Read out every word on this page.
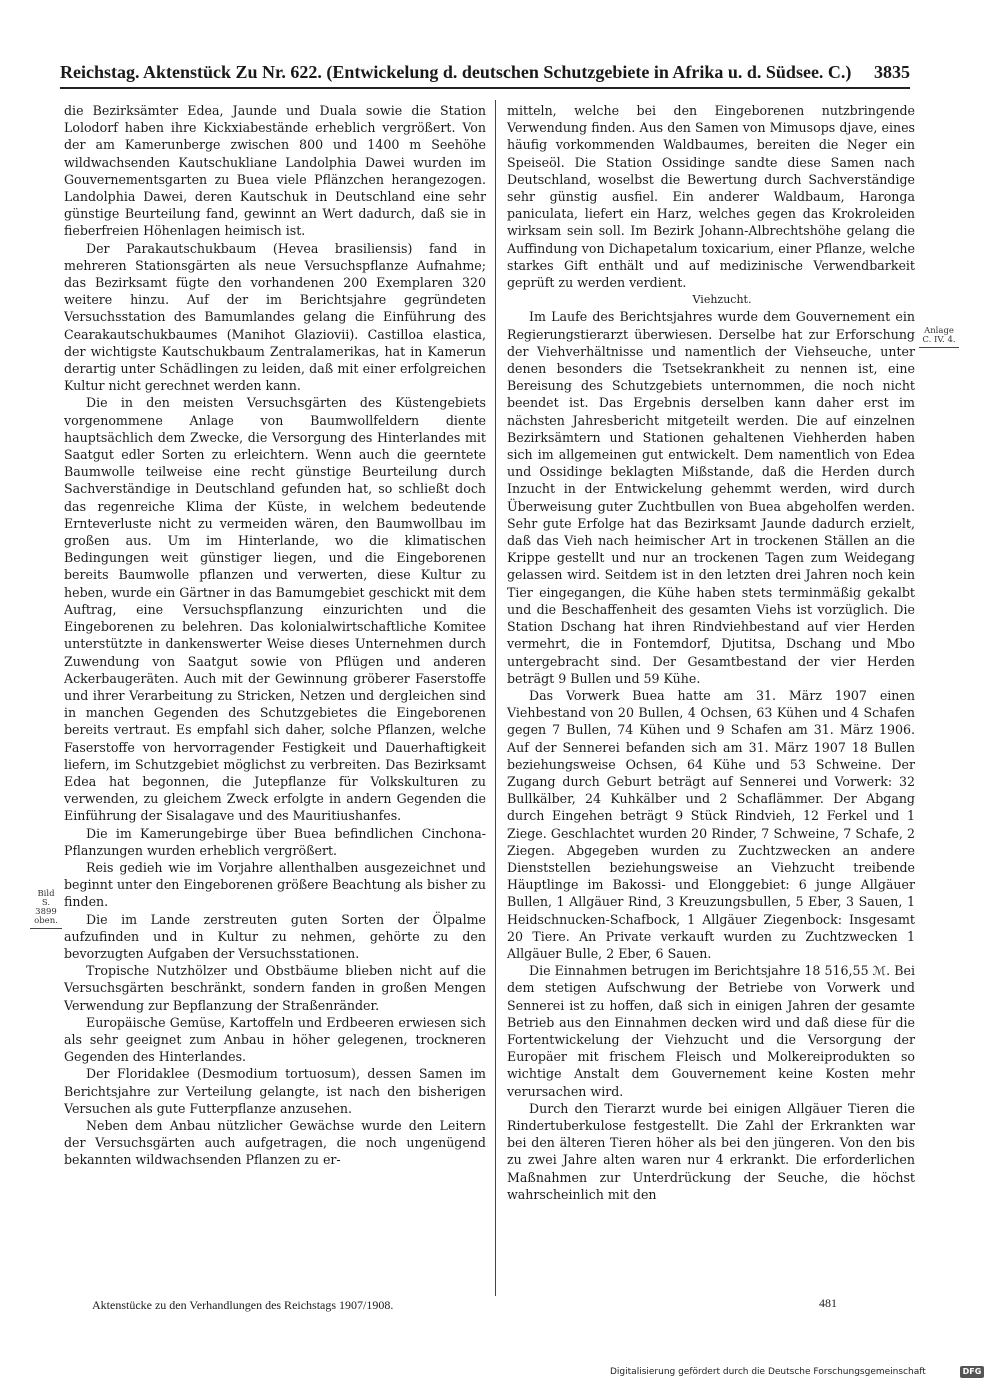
Reichstag. Aktenstück Zu Nr. 622. (Entwickelung d. deutschen Schutzgebiete in Afrika u. d. Südsee. C.) 3835

die Bezirksämter Edea, Jaunde und Duala sowie die Station Lolodorf haben ihre Kickxiabestände erheblich vergrößert. Von der am Kamerunberge zwischen 800 und 1400 m Seehöhe wildwachsenden Kautschukliane Landolphia Dawei wurden im Gouvernementsgarten zu Buea viele Pflänzchen herangezogen. Landolphia Dawei, deren Kautschuk in Deutschland eine sehr günstige Beurteilung fand, gewinnt an Wert dadurch, daß sie in fieberfreien Höhenlagen heimisch ist.

Der Parakautschukbaum (Hevea brasiliensis) fand in mehreren Stationsgärten als neue Versuchspflanze Aufnahme; das Bezirksamt fügte den vorhandenen 200 Exemplaren 320 weitere hinzu. Auf der im Berichtsjahre gegründeten Versuchsstation des Bamumlandes gelang die Einführung des Cearakautschukbaumes (Manihot Glaziovii). Castilloa elastica, der wichtigste Kautschukbaum Zentralamerikas, hat in Kamerun derartig unter Schädlingen zu leiden, daß mit einer erfolgreichen Kultur nicht gerechnet werden kann.

Die in den meisten Versuchsgärten des Küstengebiets vorgenommene Anlage von Baumwollfeldern diente hauptsächlich dem Zwecke, die Versorgung des Hinterlandes mit Saatgut edler Sorten zu erleichtern. Wenn auch die geerntete Baumwolle teilweise eine recht günstige Beurteilung durch Sachverständige in Deutschland gefunden hat, so schließt doch das regenreiche Klima der Küste, in welchem bedeutende Ernteverluste nicht zu vermeiden wären, den Baumwollbau im großen aus. Um im Hinterlande, wo die klimatischen Bedingungen weit günstiger liegen, und die Eingeborenen bereits Baumwolle pflanzen und verwerten, diese Kultur zu heben, wurde ein Gärtner in das Bamumgebiet geschickt mit dem Auftrag, eine Versuchspflanzung einzurichten und die Eingeborenen zu belehren. Das kolonialwirtschaftliche Komitee unterstützte in dankenswerter Weise dieses Unternehmen durch Zuwendung von Saatgut sowie von Pflügen und anderen Ackerbaugeräten. Auch mit der Gewinnung gröberer Faserstoffe und ihrer Verarbeitung zu Stricken, Netzen und dergleichen sind in manchen Gegenden des Schutzgebietes die Eingeborenen bereits vertraut. Es empfahl sich daher, solche Pflanzen, welche Faserstoffe von hervorragender Festigkeit und Dauerhaftigkeit liefern, im Schutzgebiet möglichst zu verbreiten. Das Bezirksamt Edea hat begonnen, die Jutepflanze für Volkskulturen zu verwenden, zu gleichem Zweck erfolgte in andern Gegenden die Einführung der Sisalagave und des Mauritiushanfes.

Die im Kamerungebirge über Buea befindlichen Cinchona-Pflanzungen wurden erheblich vergrößert.

Reis gedieh wie im Vorjahre allenthalben ausgezeichnet und beginnt unter den Eingeborenen größere Beachtung als bisher zu finden.

Die im Lande zerstreuten guten Sorten der Ölpalme aufzufinden und in Kultur zu nehmen, gehörte zu den bevorzugten Aufgaben der Versuchsstationen.

Tropische Nutzhölzer und Obstbäume blieben nicht auf die Versuchsgärten beschränkt, sondern fanden in großen Mengen Verwendung zur Bepflanzung der Straßenränder.

Europäische Gemüse, Kartoffeln und Erdbeeren erwiesen sich als sehr geeignet zum Anbau in höher gelegenen, trockneren Gegenden des Hinterlandes.

Der Floridaklee (Desmodium tortuosum), dessen Samen im Berichtsjahre zur Verteilung gelangte, ist nach den bisherigen Versuchen als gute Futterpflanze anzusehen.

Neben dem Anbau nützlicher Gewächse wurde den Leitern der Versuchsgärten auch aufgetragen, die noch ungenügend bekannten wildwachsenden Pflanzen zu er-

mitteln, welche bei den Eingeborenen nutzbringende Verwendung finden. Aus den Samen von Mimusops djave, eines häufig vorkommenden Waldbaumes, bereiten die Neger ein Speiseöl. Die Station Ossidinge sandte diese Samen nach Deutschland, woselbst die Bewertung durch Sachverständige sehr günstig ausfiel. Ein anderer Waldbaum, Haronga paniculata, liefert ein Harz, welches gegen das Krokroleiden wirksam sein soll. Im Bezirk Johann-Albrechtshöhe gelang die Auffindung von Dichapetalum toxicarium, einer Pflanze, welche starkes Gift enthält und auf medizinische Verwendbarkeit geprüft zu werden verdient.

Viehzucht.

Im Laufe des Berichtsjahres wurde dem Gouvernement ein Regierungstierarzt überwiesen. Derselbe hat zur Erforschung der Viehverhältnisse und namentlich der Viehseuche, unter denen besonders die Tsetsekrankheit zu nennen ist, eine Bereisung des Schutzgebiets unternommen, die noch nicht beendet ist. Das Ergebnis derselben kann daher erst im nächsten Jahresbericht mitgeteilt werden. Die auf einzelnen Bezirksämtern und Stationen gehaltenen Viehherden haben sich im allgemeinen gut entwickelt. Dem namentlich von Edea und Ossidinge beklagten Mißstande, daß die Herden durch Inzucht in der Entwickelung gehemmt werden, wird durch Überweisung guter Zuchtbullen von Buea abgeholfen werden. Sehr gute Erfolge hat das Bezirksamt Jaunde dadurch erzielt, daß das Vieh nach heimischer Art in trockenen Ställen an die Krippe gestellt und nur an trockenen Tagen zum Weidegang gelassen wird. Seitdem ist in den letzten drei Jahren noch kein Tier eingegangen, die Kühe haben stets terminmäßig gekalbt und die Beschaffenheit des gesamten Viehs ist vorzüglich. Die Station Dschang hat ihren Rindviehbestand auf vier Herden vermehrt, die in Fontemdorf, Djutitsa, Dschang und Mbo untergebracht sind. Der Gesamtbestand der vier Herden beträgt 9 Bullen und 59 Kühe.

Das Vorwerk Buea hatte am 31. März 1907 einen Viehbestand von 20 Bullen, 4 Ochsen, 63 Kühen und 4 Schafen gegen 7 Bullen, 74 Kühen und 9 Schafen am 31. März 1906. Auf der Sennerei befanden sich am 31. März 1907 18 Bullen beziehungsweise Ochsen, 64 Kühe und 53 Schweine. Der Zugang durch Geburt beträgt auf Sennerei und Vorwerk: 32 Bullkälber, 24 Kuhkälber und 2 Schaflämmer. Der Abgang durch Eingehen beträgt 9 Stück Rindvieh, 12 Ferkel und 1 Ziege. Geschlachtet wurden 20 Rinder, 7 Schweine, 7 Schafe, 2 Ziegen. Abgegeben wurden zu Zuchtzwecken an andere Dienststellen beziehungsweise an Viehzucht treibende Häuptlinge im Bakossi- und Elonggebiet: 6 junge Allgäuer Bullen, 1 Allgäuer Rind, 3 Kreuzungsbullen, 5 Eber, 3 Sauen, 1 Heidschnucken-Schafbock, 1 Allgäuer Ziegenbock: Insgesamt 20 Tiere. An Private verkauft wurden zu Zuchtzwecken 1 Allgäuer Bulle, 2 Eber, 6 Sauen.

Die Einnahmen betrugen im Berichtsjahre 18 516,55 ℳ. Bei dem stetigen Aufschwung der Betriebe von Vorwerk und Sennerei ist zu hoffen, daß sich in einigen Jahren der gesamte Betrieb aus den Einnahmen decken wird und daß diese für die Fortentwickelung der Viehzucht und die Versorgung der Europäer mit frischem Fleisch und Molkereiprodukten so wichtige Anstalt dem Gouvernement keine Kosten mehr verursachen wird.

Durch den Tierarzt wurde bei einigen Allgäuer Tieren die Rindertuberkulose festgestellt. Die Zahl der Erkrankten war bei den älteren Tieren höher als bei den jüngeren. Von den bis zu zwei Jahre alten waren nur 4 erkrankt. Die erforderlichen Maßnahmen zur Unterdrückung der Seuche, die höchst wahrscheinlich mit den

Bild
S. 3899
oben.
Anlage
C. IV. 4.
Aktenstücke zu den Verhandlungen des Reichstags 1907/1908.	481
Digitalisierung gefördert durch die Deutsche Forschungsgemeinschaft	DFG
